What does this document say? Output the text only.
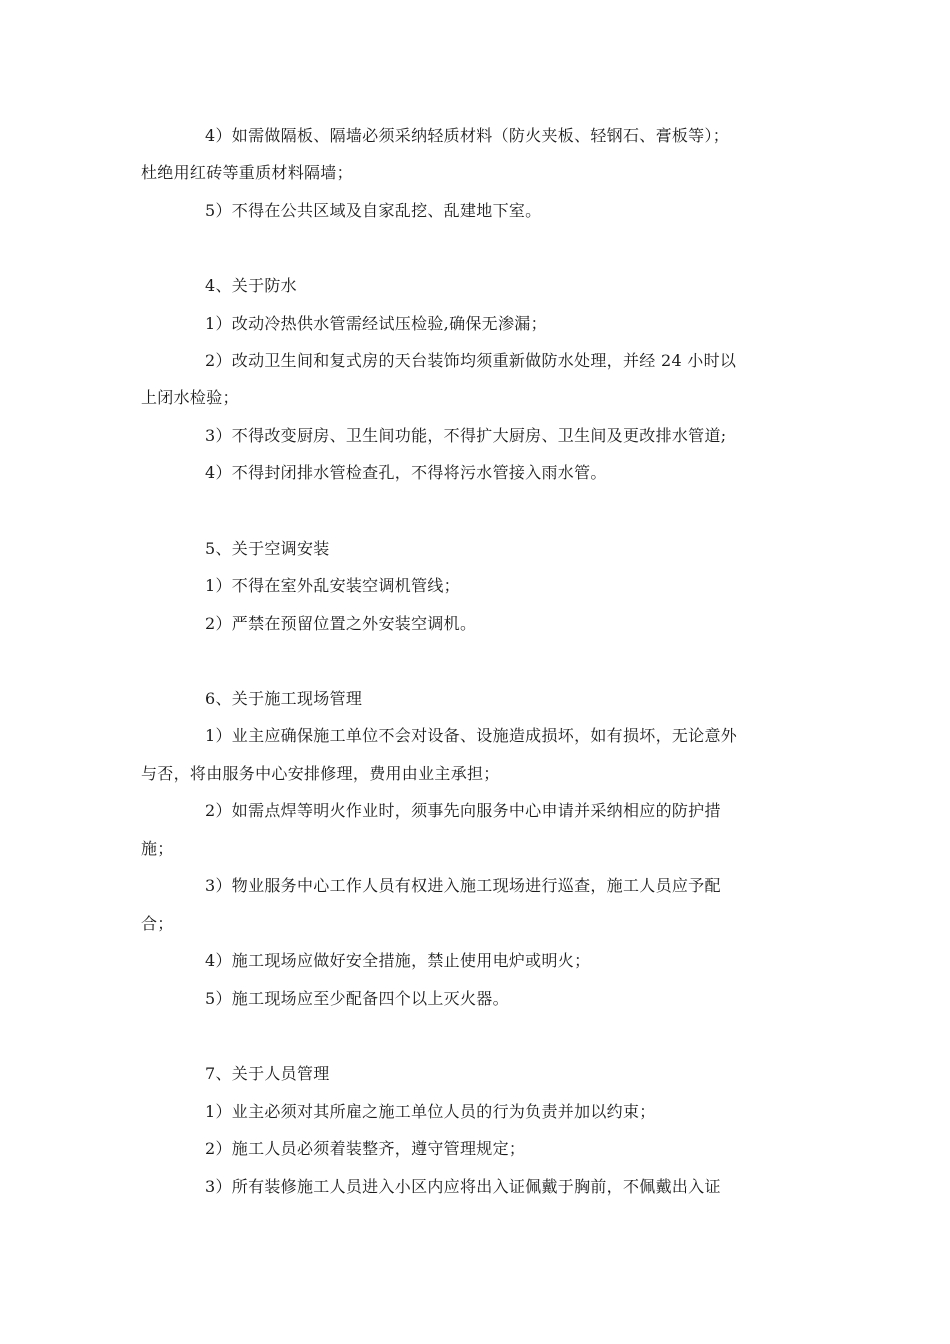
4）如需做隔板、隔墙必须采纳轻质材料（防火夹板、轻钢石、膏板等）；
杜绝用红砖等重质材料隔墙；
5）不得在公共区域及自家乱挖、乱建地下室。
4、关于防水
1）改动冷热供水管需经试压检验,确保无渗漏；
2）改动卫生间和复式房的天台装饰均须重新做防水处理，并经 24 小时以
上闭水检验；
3）不得改变厨房、卫生间功能，不得扩大厨房、卫生间及更改排水管道;
4）不得封闭排水管检查孔，不得将污水管接入雨水管。
5、关于空调安装
1）不得在室外乱安装空调机管线；
2）严禁在预留位置之外安装空调机。
6、关于施工现场管理
1）业主应确保施工单位不会对设备、设施造成损坏，如有损坏，无论意外
与否，将由服务中心安排修理，费用由业主承担；
2）如需点焊等明火作业时，须事先向服务中心申请并采纳相应的防护措
施；
3）物业服务中心工作人员有权进入施工现场进行巡查，施工人员应予配
合；
4）施工现场应做好安全措施，禁止使用电炉或明火；
5）施工现场应至少配备四个以上灭火器。
7、关于人员管理
1）业主必须对其所雇之施工单位人员的行为负责并加以约束；
2）施工人员必须着装整齐，遵守管理规定；
3）所有装修施工人员进入小区内应将出入证佩戴于胸前，不佩戴出入证
